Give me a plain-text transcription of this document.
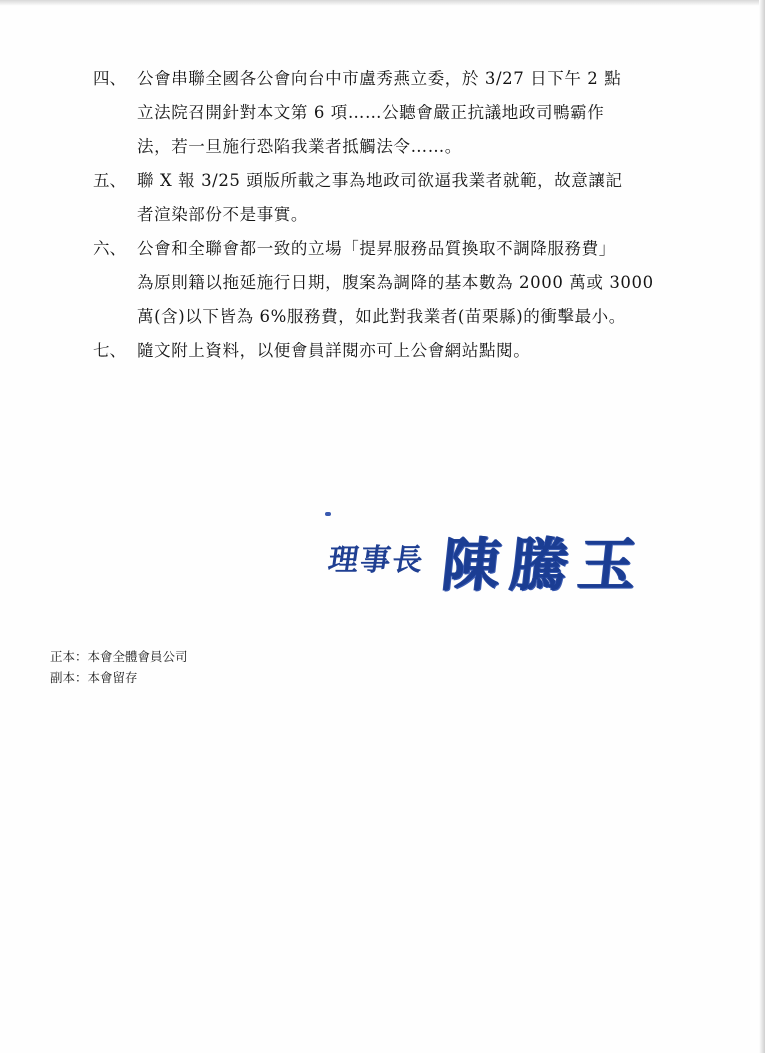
四、 公會串聯全國各公會向台中市盧秀燕立委，於 3/27 日下午 2 點
立法院召開針對本文第 6 項……公聽會嚴正抗議地政司鴨霸作
法，若一旦施行恐陷我業者抵觸法令……。
五、 聯 X 報 3/25 頭版所載之事為地政司欲逼我業者就範，故意讓記
者渲染部份不是事實。
六、 公會和全聯會都一致的立場「提昇服務品質換取不調降服務費」
為原則籍以拖延施行日期，腹案為調降的基本數為 2000 萬或 3000
萬(含)以下皆為 6%服務費，如此對我業者(苗栗縣)的衝擊最小。
七、 隨文附上資料，以便會員詳閱亦可上公會網站點閱。
理事長 陳騰玉
正本：本會全體會員公司
副本：本會留存
